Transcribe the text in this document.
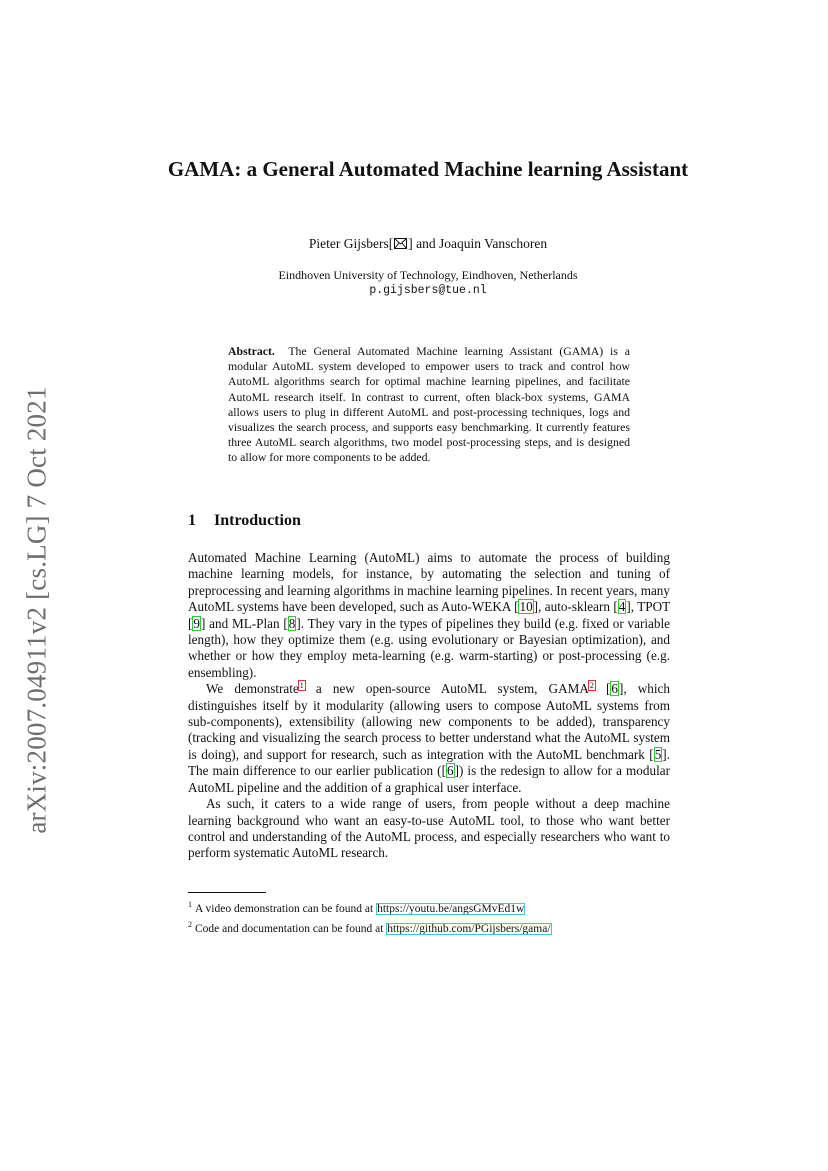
arXiv:2007.04911v2 [cs.LG] 7 Oct 2021
GAMA: a General Automated Machine learning Assistant
Pieter Gijsbers[ ] and Joaquin Vanschoren
Eindhoven University of Technology, Eindhoven, Netherlands
p.gijsbers@tue.nl
Abstract. The General Automated Machine learning Assistant (GAMA) is a modular AutoML system developed to empower users to track and control how AutoML algorithms search for optimal machine learning pipelines, and facilitate AutoML research itself. In contrast to current, often black-box systems, GAMA allows users to plug in different AutoML and post-processing techniques, logs and visualizes the search process, and supports easy benchmarking. It currently features three AutoML search algorithms, two model post-processing steps, and is designed to allow for more components to be added.
1 Introduction

Automated Machine Learning (AutoML) aims to automate the process of building machine learning models, for instance, by automating the selection and tuning of preprocessing and learning algorithms in machine learning pipelines. In recent years, many AutoML systems have been developed, such as Auto-WEKA [10], auto-sklearn [4], TPOT [9] and ML-Plan [8]. They vary in the types of pipelines they build (e.g. fixed or variable length), how they optimize them (e.g. using evolutionary or Bayesian optimization), and whether or how they employ meta-learning (e.g. warm-starting) or post-processing (e.g. ensembling).

We demonstrate$^1$ a new open-source AutoML system, GAMA$^2$ [6], which distinguishes itself by it modularity (allowing users to compose AutoML systems from sub-components), extensibility (allowing new components to be added), transparency (tracking and visualizing the search process to better understand what the AutoML system is doing), and support for research, such as integration with the AutoML benchmark [5]. The main difference to our earlier publication ([6]) is the redesign to allow for a modular AutoML pipeline and the addition of a graphical user interface.

As such, it caters to a wide range of users, from people without a deep machine learning background who want an easy-to-use AutoML tool, to those who want better control and understanding of the AutoML process, and especially researchers who want to perform systematic AutoML research.

$^1$ A video demonstration can be found at https://youtu.be/angsGMvEd1w
$^2$ Code and documentation can be found at https://github.com/PGijsbers/gama/
